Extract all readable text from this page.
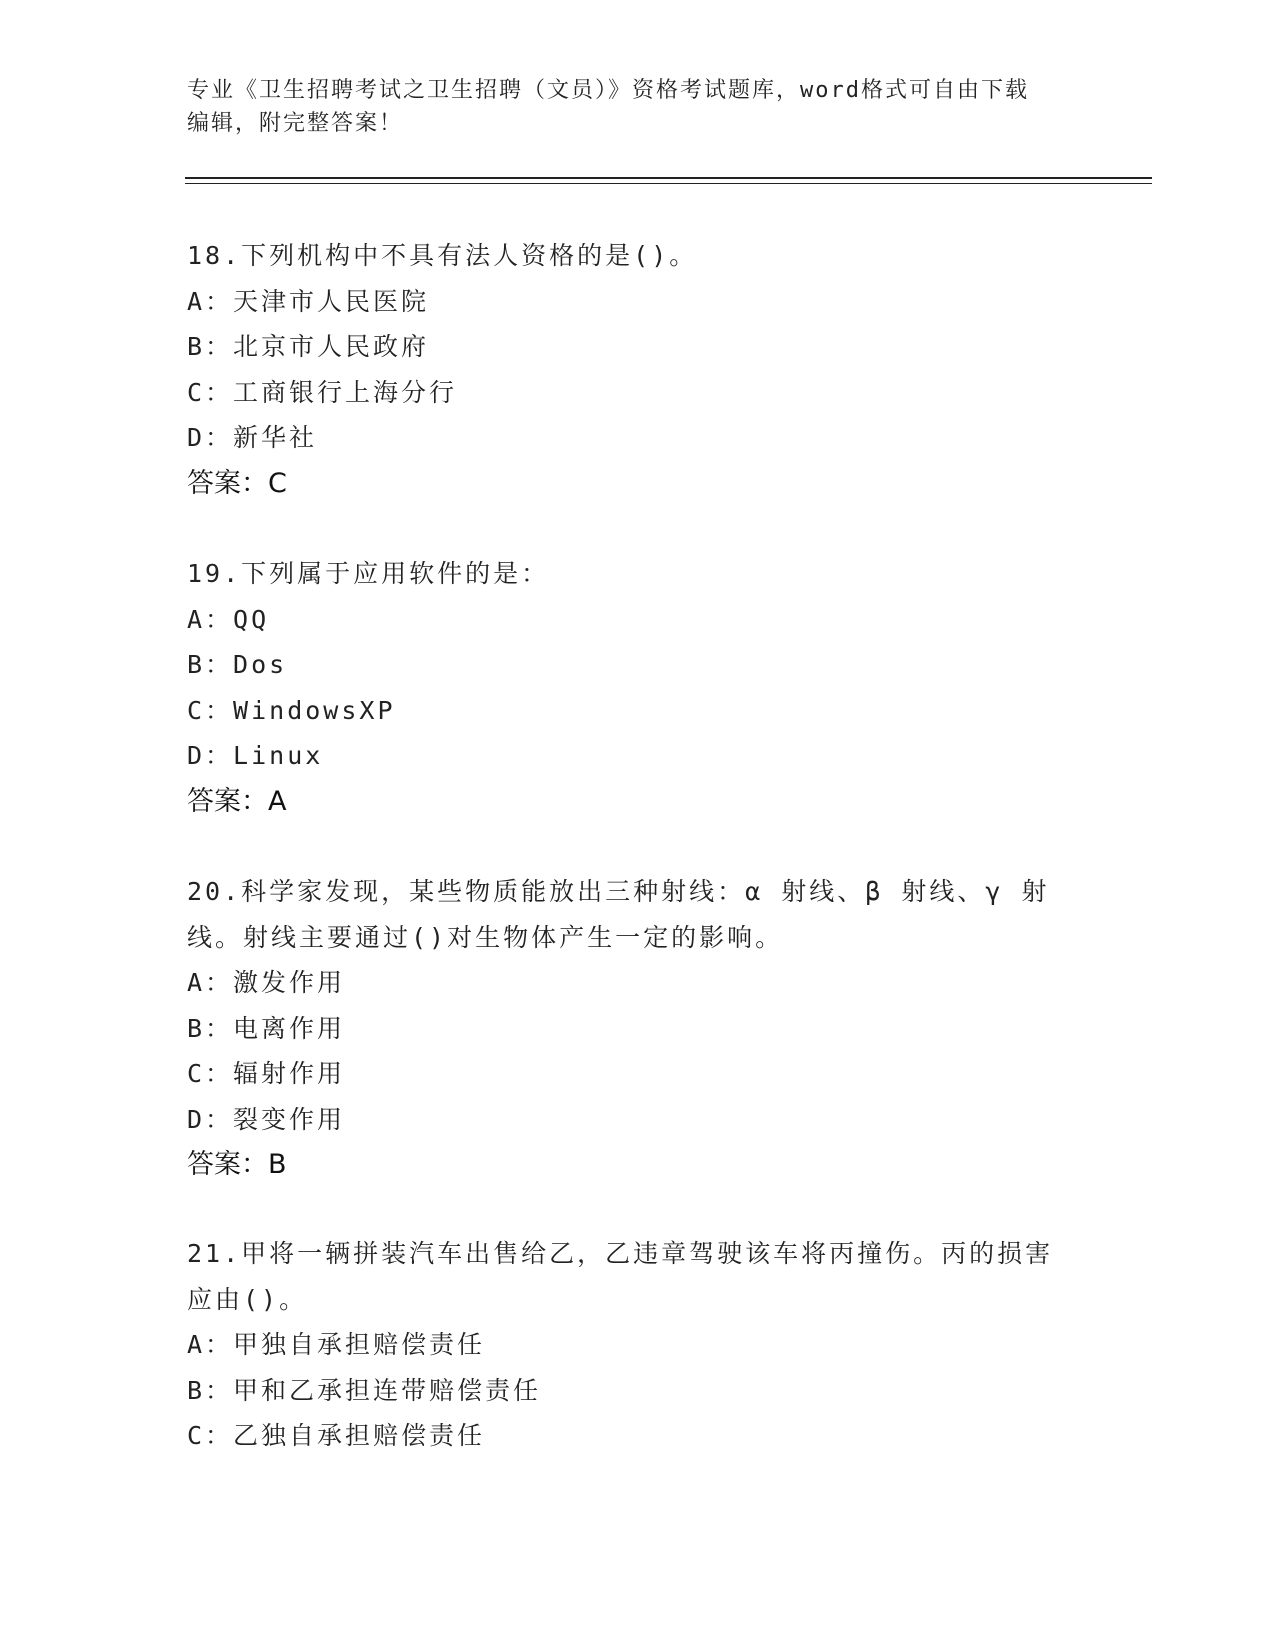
专业《卫生招聘考试之卫生招聘（文员）》资格考试题库，word格式可自由下载
编辑，附完整答案！
18.下列机构中不具有法人资格的是()。
A：天津市人民医院
B：北京市人民政府
C：工商银行上海分行
D：新华社
答案：C
19.下列属于应用软件的是：
A：QQ
B：Dos
C：WindowsXP
D：Linux
答案：A
20.科学家发现，某些物质能放出三种射线：α 射线、β 射线、γ 射
线。射线主要通过()对生物体产生一定的影响。
A：激发作用
B：电离作用
C：辐射作用
D：裂变作用
答案：B
21.甲将一辆拼装汽车出售给乙，乙违章驾驶该车将丙撞伤。丙的损害
应由()。
A：甲独自承担赔偿责任
B：甲和乙承担连带赔偿责任
C：乙独自承担赔偿责任
